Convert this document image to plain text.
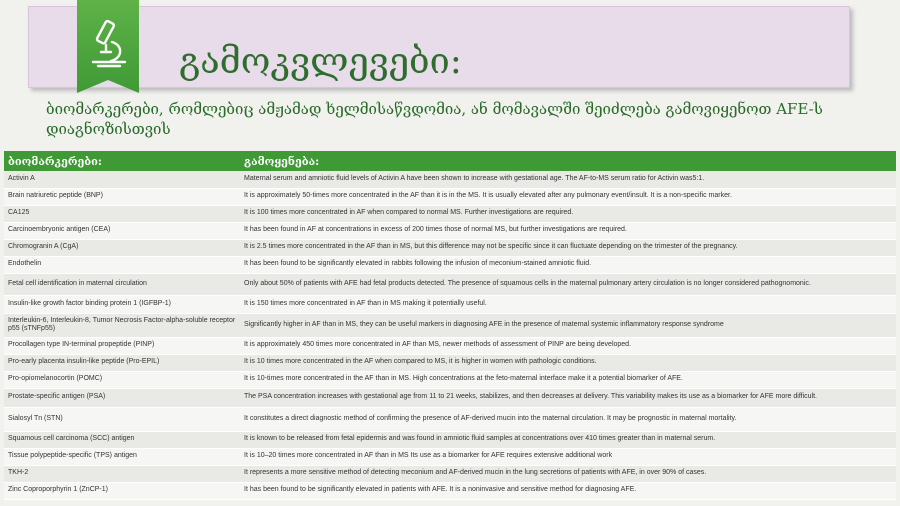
გამოკვლევები:
ბიომარკერები, რომლებიც ამჟამად ხელმისაწვდომია, ან მომავალში შეიძლება გამოვიყენოთ AFE-ს დიაგნოზისთვის
ბიომარკერები:	გამოყენება:
Activin A	Maternal serum and amniotic fluid levels of Activin A have been shown to increase with gestational age. The AF-to-MS serum ratio for Activin was5:1.
Brain natriuretic peptide (BNP)	It is approximately 50-times more concentrated in the AF than it is in the MS. It is usually elevated after any pulmonary event/insult. It is a non-specific marker.
CA125	It is 100 times more concentrated in AF when compared to normal MS. Further investigations are required.
Carcinoembryonic antigen (CEA)	It has been found in AF at concentrations in excess of 200 times those of normal MS, but further investigations are required.
Chromogranin A (CgA)	It is 2.5 times more concentrated in the AF than in MS, but this difference may not be specific since it can fluctuate depending on the trimester of the pregnancy.
Endothelin	It has been found to be significantly elevated in rabbits following the infusion of meconium-stained amniotic fluid.
Fetal cell identification in maternal circulation	Only about 50% of patients with AFE had fetal products detected. The presence of squamous cells in the maternal pulmonary artery circulation is no longer considered pathognomonic.
Insulin-like growth factor binding protein 1 (IGFBP-1)	It is 150 times more concentrated in AF than in MS making it potentially useful.
Interleukin-6, Interleukin-8, Tumor Necrosis Factor-alpha-soluble receptor p55 (sTNFp55)	Significantly higher in AF than in MS, they can be useful markers in diagnosing AFE in the presence of maternal systemic inflammatory response syndrome
Procollagen type IN-terminal propeptide (PINP)	It is approximately 450 times more concentrated in AF than MS, newer methods of assessment of PINP are being developed.
Pro-early placenta insulin-like peptide (Pro-EPIL)	It is 10 times more concentrated in the AF when compared to MS, it is higher in women with pathologic conditions.
Pro-opiomelanocortin (POMC)	It is 10-times more concentrated in the AF than in MS. High concentrations at the feto-maternal interface make it a potential biomarker of AFE.
Prostate-specific antigen (PSA)	The PSA concentration increases with gestational age from 11 to 21 weeks, stabilizes, and then decreases at delivery. This variability makes its use as a biomarker for AFE more difficult.
Sialosyl Tn (STN)	It constitutes a direct diagnostic method of confirming the presence of AF-derived mucin into the maternal circulation. It may be prognostic in maternal mortality.
Squamous cell carcinoma (SCC) antigen	It is known to be released from fetal epidermis and was found in amniotic fluid samples at concentrations over 410 times greater than in maternal serum.
Tissue polypeptide-specific (TPS) antigen	It is 10–20 times more concentrated in AF than in MS Its use as a biomarker for AFE requires extensive additional work
TKH-2	It represents a more sensitive method of detecting meconium and AF-derived mucin in the lung secretions of patients with AFE, in over 90% of cases.
Zinc Coproporphyrin 1 (ZnCP-1)	It has been found to be significantly elevated in patients with AFE. It is a noninvasive and sensitive method for diagnosing AFE.
